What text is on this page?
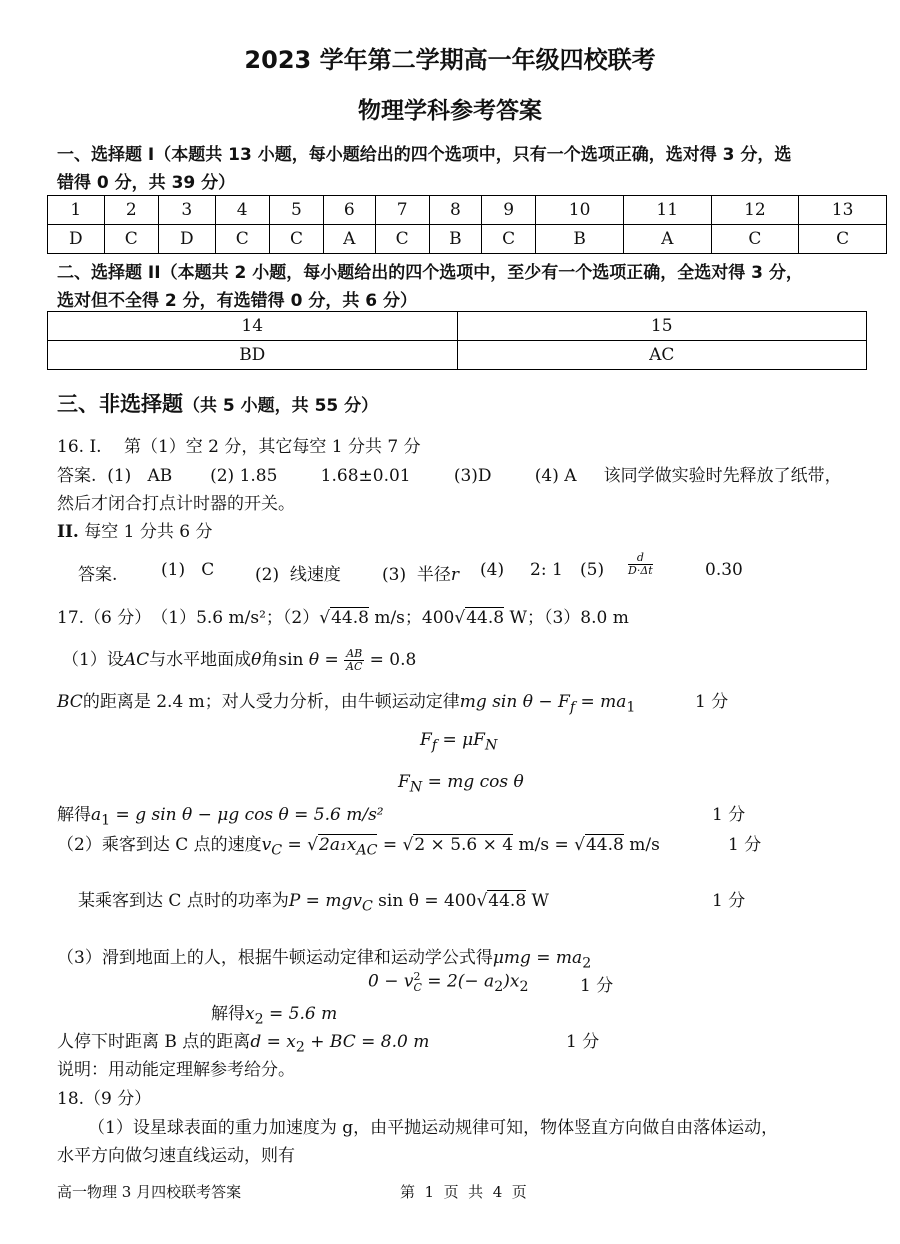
2023 学年第二学期高一年级四校联考
物理学科参考答案
一、选择题 I（本题共 13 小题，每小题给出的四个选项中，只有一个选项正确，选对得 3 分，选
错得 0 分，共 39 分）
1	2	3	4	5	6	7	8	9	10	11	12	13
D	C	D	C	C	A	C	B	C	B	A	C	C
二、选择题 II（本题共 2 小题，每小题给出的四个选项中，至少有一个选项正确，全选对得 3 分，
选对但不全得 2 分，有选错得 0 分，共 6 分）
14	15
BD	AC
三、非选择题（共 5 小题，共 55 分）
16. I.　 第（1）空 2 分，其它每空 1 分共 7 分
答案.  (1)   AB       (2) 1.85        1.68±0.01        (3)D        (4) A     该同学做实验时先释放了纸带，
然后才闭合打点计时器的开关。
II. 每空 1 分共 6 分
答案.	(1)   C (2)  线速度 (3)  半径r (4) 2: 1 $(5) \frac{d}{D\cdot\Delta t}$	0.30
17.（6 分）　（1）5.6 m/s²；（2）√44.8 m/s；400√44.8 W；（3）8.0 m
（1）设AC与水平地面成θ角$\sin \theta = \frac{AB}{AC} = 0.8$
BC的距离是 2.4 m；对人受力分析，由牛顿运动定律mg $\sin \theta - F_f = ma_1$	1 分
$F_f = \mu F_N$
$F_N$ = mg cos θ
解得$a_1 = g$ sin θ − μg cos θ = 5.6 m/s²	1 分
（2）乘客到达 C 点的速度$v_C = √2a_1x_{AC} = √2 \times 5.6 \times 4$ m/s = √44.8 m/s	1 分
某乘客到达 C 点时的功率为P = mgv$_C$ sin θ = 400√44.8 W	1 分
（3）滑到地面上的人，根据牛顿运动定律和运动学公式得$\mu mg = ma_2$
0 − v 2
$C = 2(- a_2)x_2$	1 分
解得$x_2 = 5.6$ m
人停下时距离 B 点的距离$d = x_2$ + BC = 8.0 m	1 分
说明：用动能定理解参考给分。
18.（9 分）
（1）设星球表面的重力加速度为 g，由平抛运动规律可知，物体竖直方向做自由落体运动，
水平方向做匀速直线运动，则有
高一物理 3 月四校联考答案	第  1  页  共  4  页
